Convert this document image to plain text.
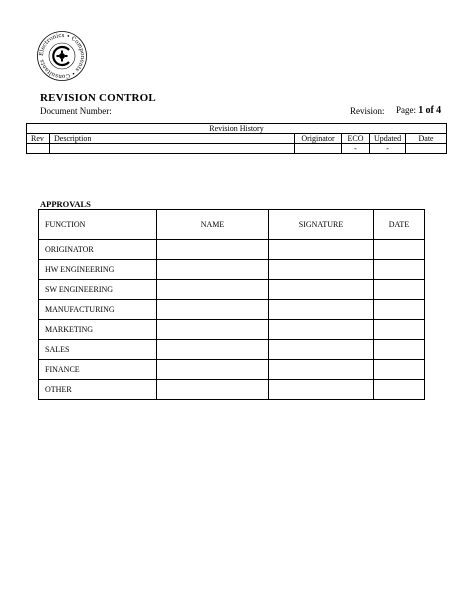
Electronics • Components • Consultants
REVISION CONTROL
Document Number:	Revision: Page: 1 of 4
Revision History					
Rev	Description	Originator	ECO	Updated	Date
			-	-	
APPROVALS
FUNCTION	NAME	SIGNATURE	DATE
ORIGINATOR			
HW ENGINEERING			
SW ENGINEERING			
MANUFACTURING			
MARKETING			
SALES			
FINANCE			
OTHER			
